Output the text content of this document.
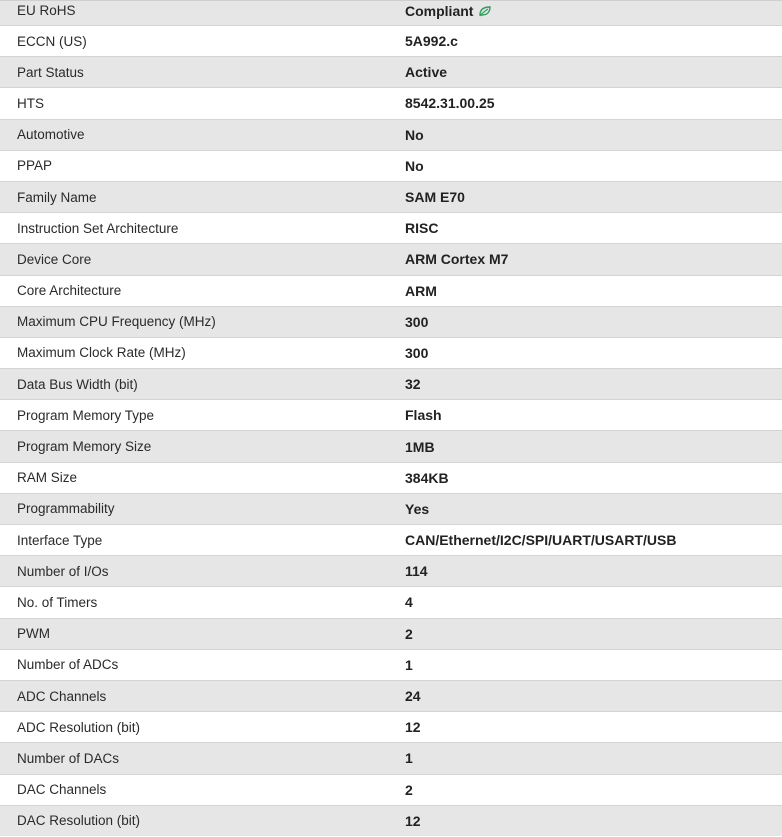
EU RoHS	Compliant
ECCN (US)	5A992.c
Part Status	Active
HTS	8542.31.00.25
Automotive	No
PPAP	No
Family Name	SAM E70
Instruction Set Architecture	RISC
Device Core	ARM Cortex M7
Core Architecture	ARM
Maximum CPU Frequency (MHz)	300
Maximum Clock Rate (MHz)	300
Data Bus Width (bit)	32
Program Memory Type	Flash
Program Memory Size	1MB
RAM Size	384KB
Programmability	Yes
Interface Type	CAN/Ethernet/I2C/SPI/UART/USART/USB
Number of I/Os	114
No. of Timers	4
PWM	2
Number of ADCs	1
ADC Channels	24
ADC Resolution (bit)	12
Number of DACs	1
DAC Channels	2
DAC Resolution (bit)	12
